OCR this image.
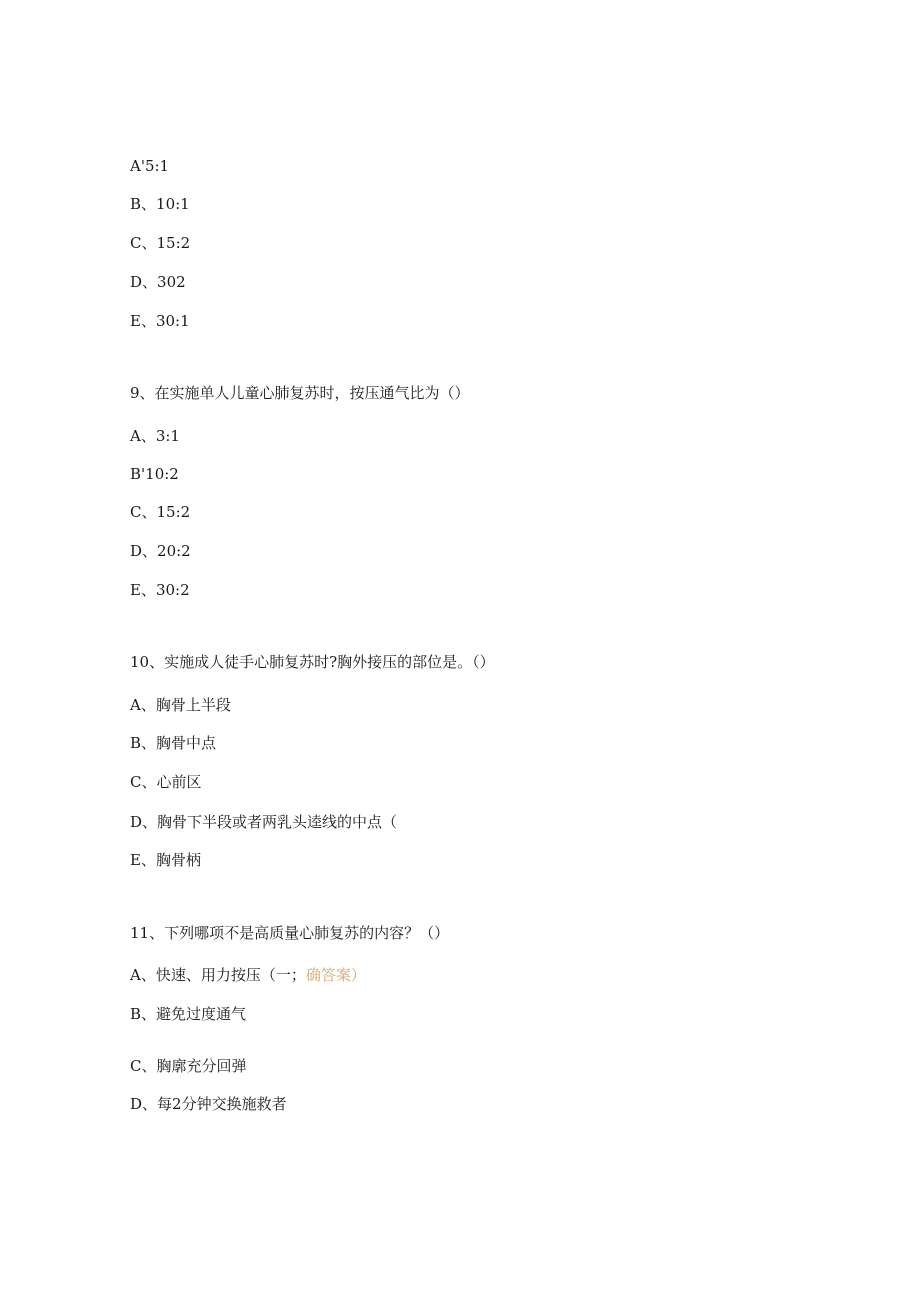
A'5:1
B、10:1
C、15:2
D、302
E、30:1
9、在实施单人儿童心肺复苏时，按压通气比为（）
A、3:1
B'10:2
C、15:2
D、20:2
E、30:2
10、实施成人徒手心肺复苏时?胸外接压的部位是。（）
A、胸骨上半段
B、胸骨中点
C、心前区
D、胸骨下半段或者两乳头逵线的中点（
E、胸骨柄
11、下列哪项不是高质量心肺复苏的内容？（）
A、快速、用力按压（一；确答案）
B、避免过度通气
C、胸廓充分回弹
D、每2分钟交换施救者
